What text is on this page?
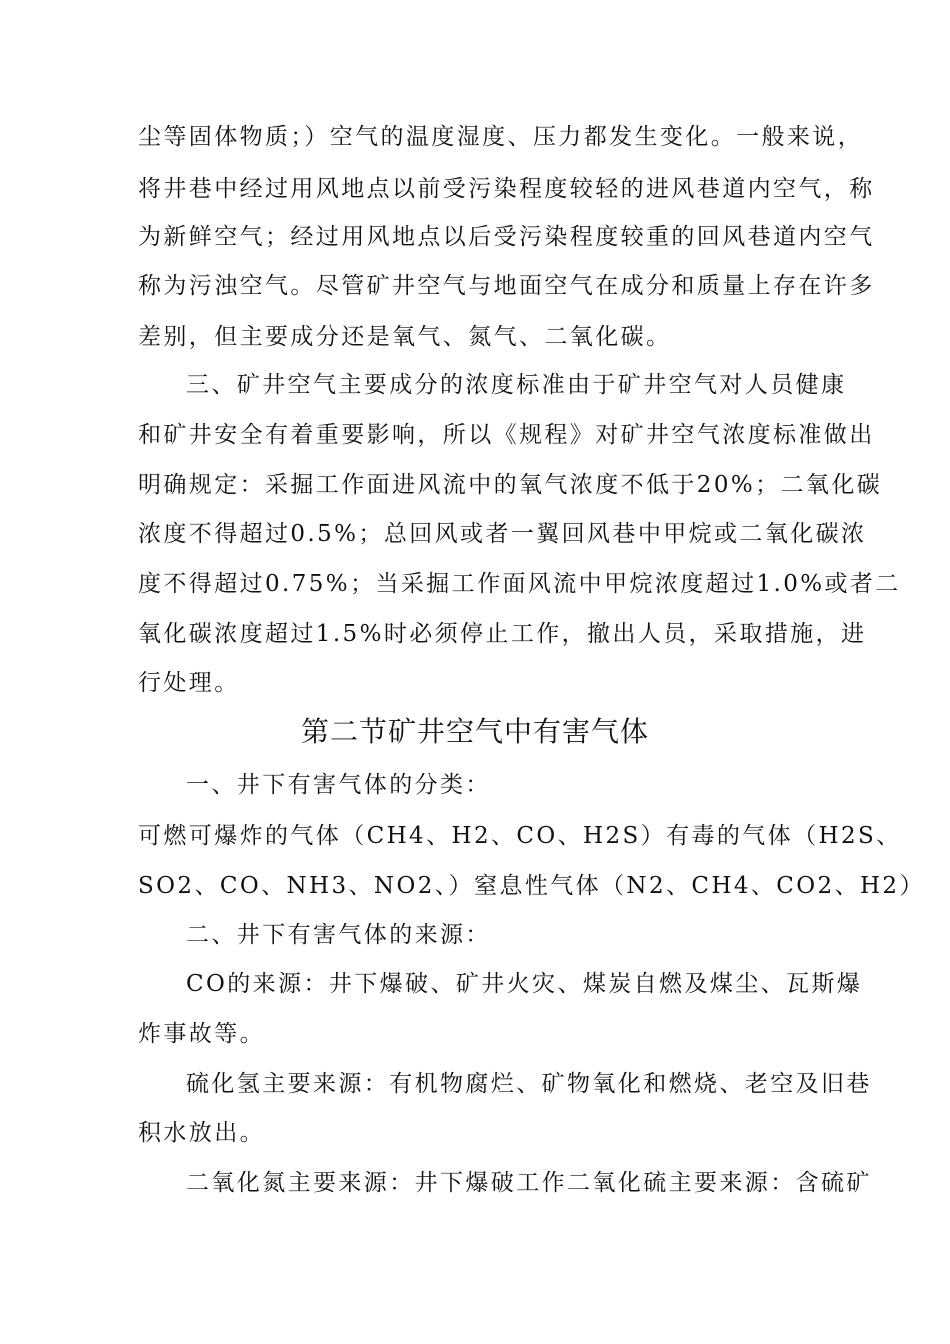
尘等固体物质；）空气的温度湿度、压力都发生变化。一般来说，
将井巷中经过用风地点以前受污染程度较轻的进风巷道内空气，称
为新鲜空气；经过用风地点以后受污染程度较重的回风巷道内空气
称为污浊空气。尽管矿井空气与地面空气在成分和质量上存在许多
差别，但主要成分还是氧气、氮气、二氧化碳。
三、矿井空气主要成分的浓度标准由于矿井空气对人员健康
和矿井安全有着重要影响，所以《规程》对矿井空气浓度标准做出
明确规定：采掘工作面进风流中的氧气浓度不低于20%；二氧化碳
浓度不得超过0.5%；总回风或者一翼回风巷中甲烷或二氧化碳浓
度不得超过0.75%；当采掘工作面风流中甲烷浓度超过1.0%或者二
氧化碳浓度超过1.5%时必须停止工作，撤出人员，采取措施，进
行处理。
第二节矿井空气中有害气体
一、井下有害气体的分类：
可燃可爆炸的气体（CH4、H2、CO、H2S）有毒的气体（H2S、
SO2、CO、NH3、NO2、）窒息性气体（N2、CH4、CO2、H2）
二、井下有害气体的来源：
CO的来源：井下爆破、矿井火灾、煤炭自燃及煤尘、瓦斯爆
炸事故等。
硫化氢主要来源：有机物腐烂、矿物氧化和燃烧、老空及旧巷
积水放出。
二氧化氮主要来源：井下爆破工作二氧化硫主要来源：含硫矿
